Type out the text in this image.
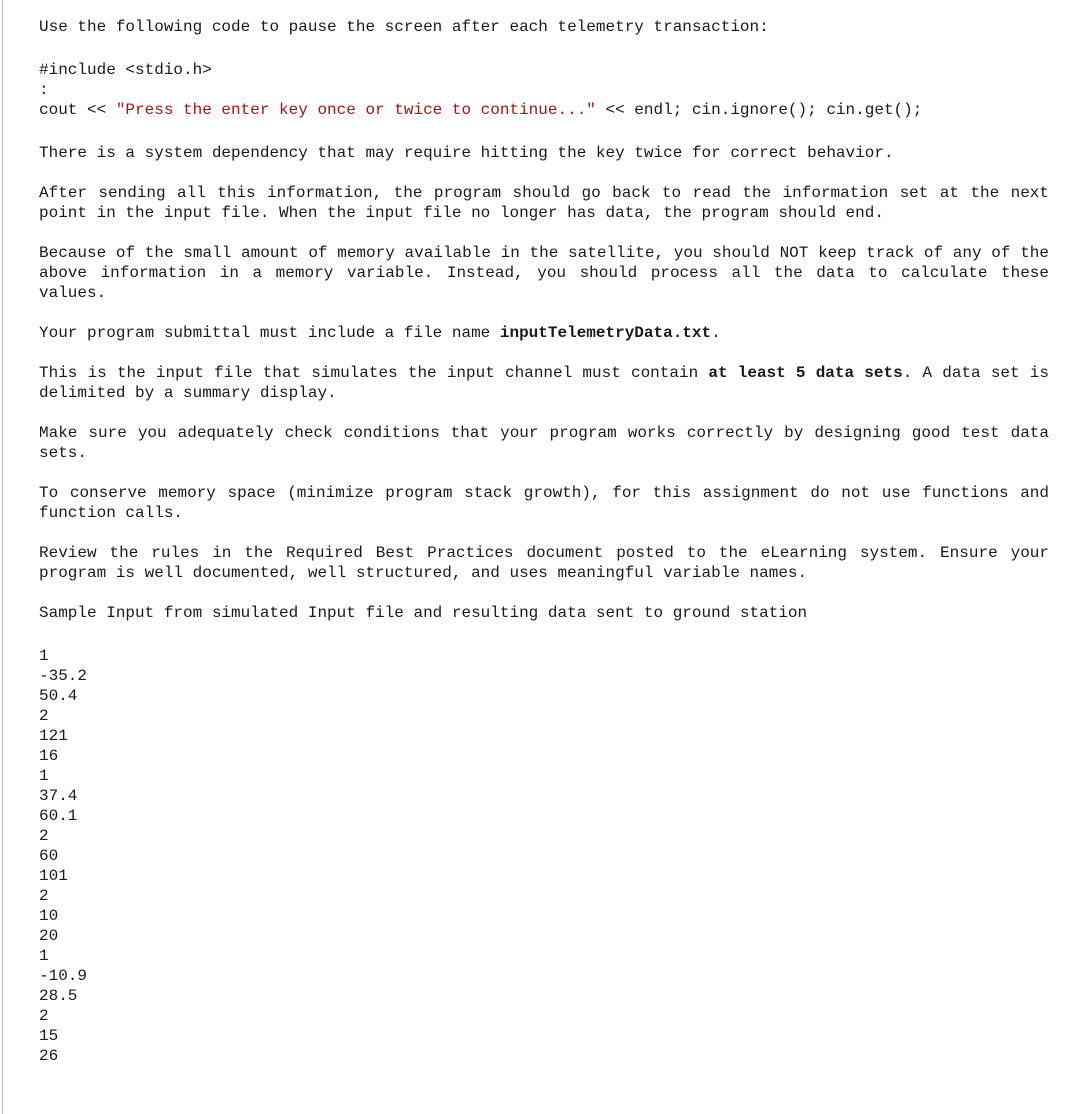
Use the following code to pause the screen after each telemetry transaction:

#include <stdio.h>
:
cout << "Press the enter key once or twice to continue..." << endl; cin.ignore(); cin.get();

There is a system dependency that may require hitting the key twice for correct behavior.

After sending all this information, the program should go back to read the information set at the next point in the input file. When the input file no longer has data, the program should end.

Because of the small amount of memory available in the satellite, you should NOT keep track of any of the above information in a memory variable. Instead, you should process all the data to calculate these values.

Your program submittal must include a file name inputTelemetryData.txt.

This is the input file that simulates the input channel must contain at least 5 data sets. A data set is delimited by a summary display.

Make sure you adequately check conditions that your program works correctly by designing good test data sets.

To conserve memory space (minimize program stack growth), for this assignment do not use functions and function calls.

Review the rules in the Required Best Practices document posted to the eLearning system. Ensure your program is well documented, well structured, and uses meaningful variable names.

Sample Input from simulated Input file and resulting data sent to ground station

1
-35.2
50.4
2
121
16
1
37.4
60.1
2
60
101
2
10
20
1
-10.9
28.5
2
15
26
